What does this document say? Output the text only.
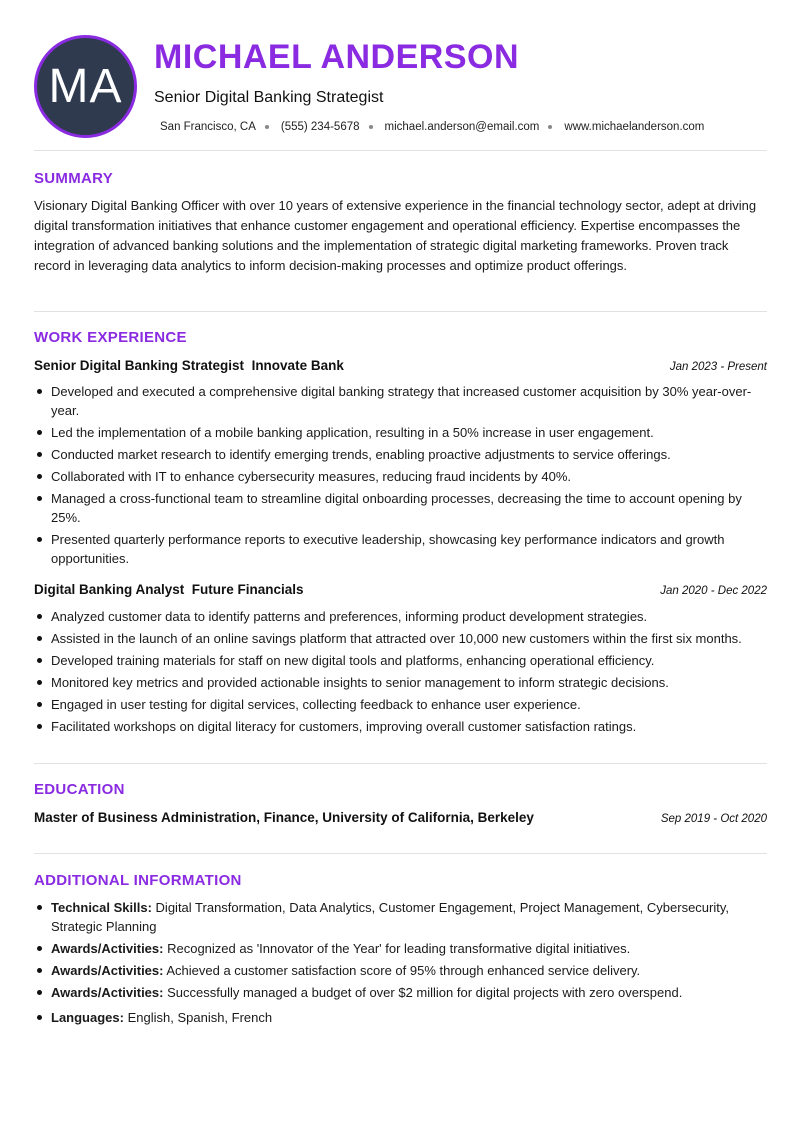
MA
MICHAEL ANDERSON
Senior Digital Banking Strategist
San Francisco, CA (555) 234-5678 michael.anderson@email.com www.michaelanderson.com
SUMMARY

Visionary Digital Banking Officer with over 10 years of extensive experience in the financial technology sector, adept at driving digital transformation initiatives that enhance customer engagement and operational efficiency. Expertise encompasses the integration of advanced banking solutions and the implementation of strategic digital marketing frameworks. Proven track record in leveraging data analytics to inform decision-making processes and optimize product offerings.

WORK EXPERIENCE
Senior Digital Banking Strategist Innovate Bank	Jan 2023 - Present
Developed and executed a comprehensive digital banking strategy that increased customer acquisition by 30% year-over-year.
Led the implementation of a mobile banking application, resulting in a 50% increase in user engagement.
Conducted market research to identify emerging trends, enabling proactive adjustments to service offerings.
Collaborated with IT to enhance cybersecurity measures, reducing fraud incidents by 40%.
Managed a cross-functional team to streamline digital onboarding processes, decreasing the time to account opening by 25%.
Presented quarterly performance reports to executive leadership, showcasing key performance indicators and growth opportunities.
Digital Banking Analyst Future Financials	Jan 2020 - Dec 2022
Analyzed customer data to identify patterns and preferences, informing product development strategies.
Assisted in the launch of an online savings platform that attracted over 10,000 new customers within the first six months.
Developed training materials for staff on new digital tools and platforms, enhancing operational efficiency.
Monitored key metrics and provided actionable insights to senior management to inform strategic decisions.
Engaged in user testing for digital services, collecting feedback to enhance user experience.
Facilitated workshops on digital literacy for customers, improving overall customer satisfaction ratings.
EDUCATION
Master of Business Administration, Finance, University of California, Berkeley	Sep 2019 - Oct 2020
ADDITIONAL INFORMATION
Technical Skills: Digital Transformation, Data Analytics, Customer Engagement, Project Management, Cybersecurity, Strategic Planning
Awards/Activities: Recognized as 'Innovator of the Year' for leading transformative digital initiatives.
Awards/Activities: Achieved a customer satisfaction score of 95% through enhanced service delivery.
Awards/Activities: Successfully managed a budget of over $2 million for digital projects with zero overspend.
Languages: English, Spanish, French
